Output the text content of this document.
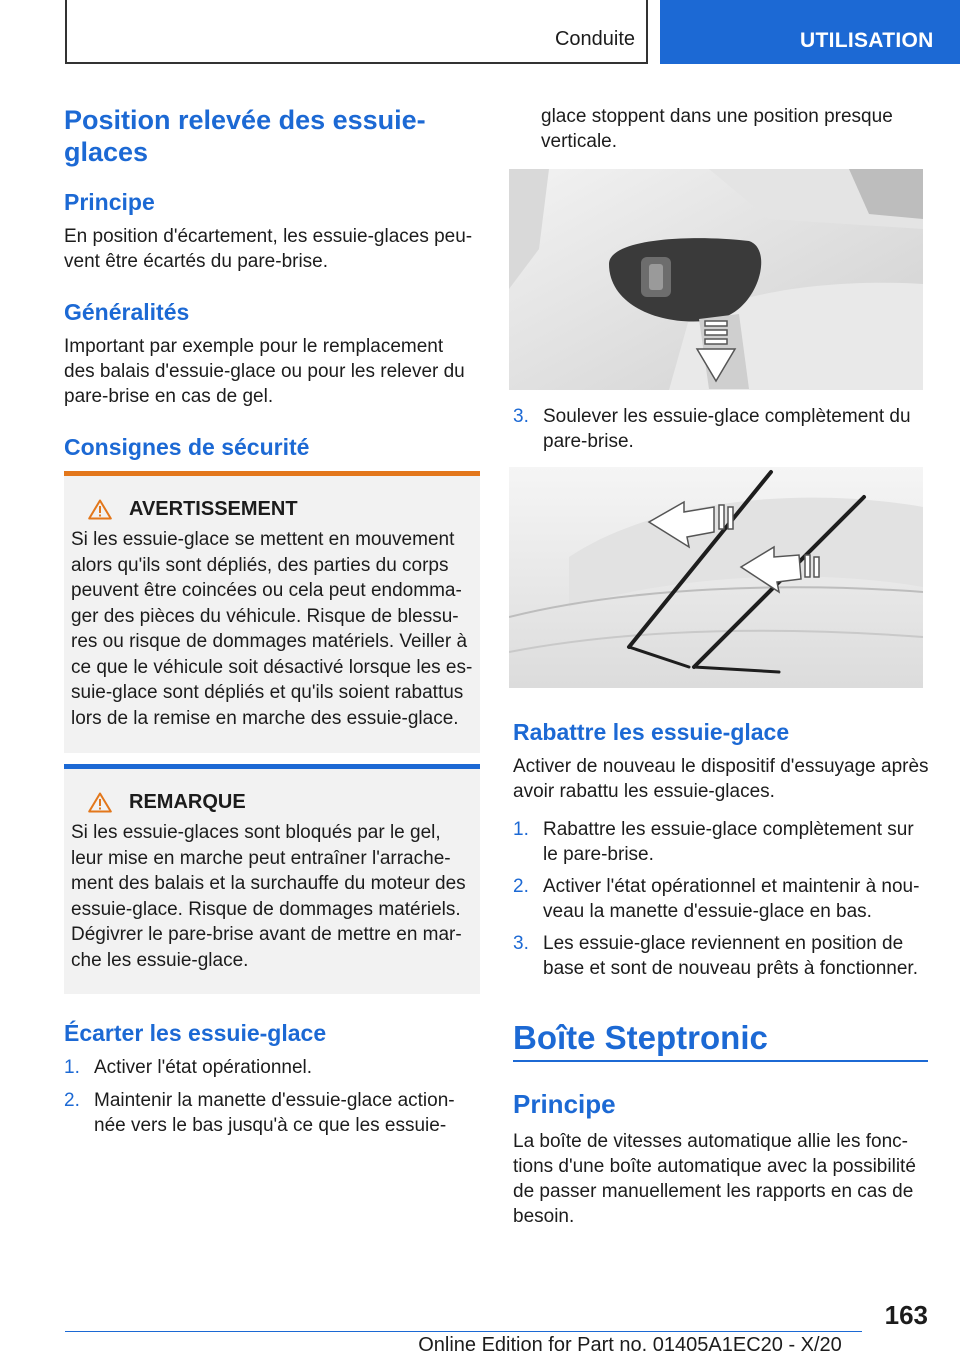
Conduite	UTILISATION
Position relevée des essuie-
glaces
Principe
En position d'écartement, les essuie-glaces peu‐
vent être écartés du pare-brise.
Généralités
Important par exemple pour le remplacement
des balais d'essuie-glace ou pour les relever du
pare-brise en cas de gel.
Consignes de sécurité
AVERTISSEMENT
Si les essuie-glace se mettent en mouvement
alors qu'ils sont dépliés, des parties du corps
peuvent être coincées ou cela peut endomma‐
ger des pièces du véhicule. Risque de blessu‐
res ou risque de dommages matériels. Veiller à
ce que le véhicule soit désactivé lorsque les es‐
suie-glace sont dépliés et qu'ils soient rabattus
lors de la remise en marche des essuie-glace.
REMARQUE
Si les essuie-glaces sont bloqués par le gel,
leur mise en marche peut entraîner l'arrache‐
ment des balais et la surchauffe du moteur des
essuie-glace. Risque de dommages matériels.
Dégivrer le pare-brise avant de mettre en mar‐
che les essuie-glace.
Écarter les essuie-glace
1. Activer l'état opérationnel.
2. Maintenir la manette d'essuie-glace action‐
née vers le bas jusqu'à ce que les essuie-
glace stoppent dans une position presque
verticale.
3. Soulever les essuie-glace complètement du
pare-brise.
Rabattre les essuie-glace
Activer de nouveau le dispositif d'essuyage après
avoir rabattu les essuie-glaces.
1. Rabattre les essuie-glace complètement sur
le pare-brise.
2. Activer l'état opérationnel et maintenir à nou‐
veau la manette d'essuie-glace en bas.
3. Les essuie-glace reviennent en position de
base et sont de nouveau prêts à fonctionner.
Boîte Steptronic
Principe
La boîte de vitesses automatique allie les fonc‐
tions d'une boîte automatique avec la possibilité
de passer manuellement les rapports en cas de
besoin.
163
Online Edition for Part no. 01405A1EC20 - X/20
